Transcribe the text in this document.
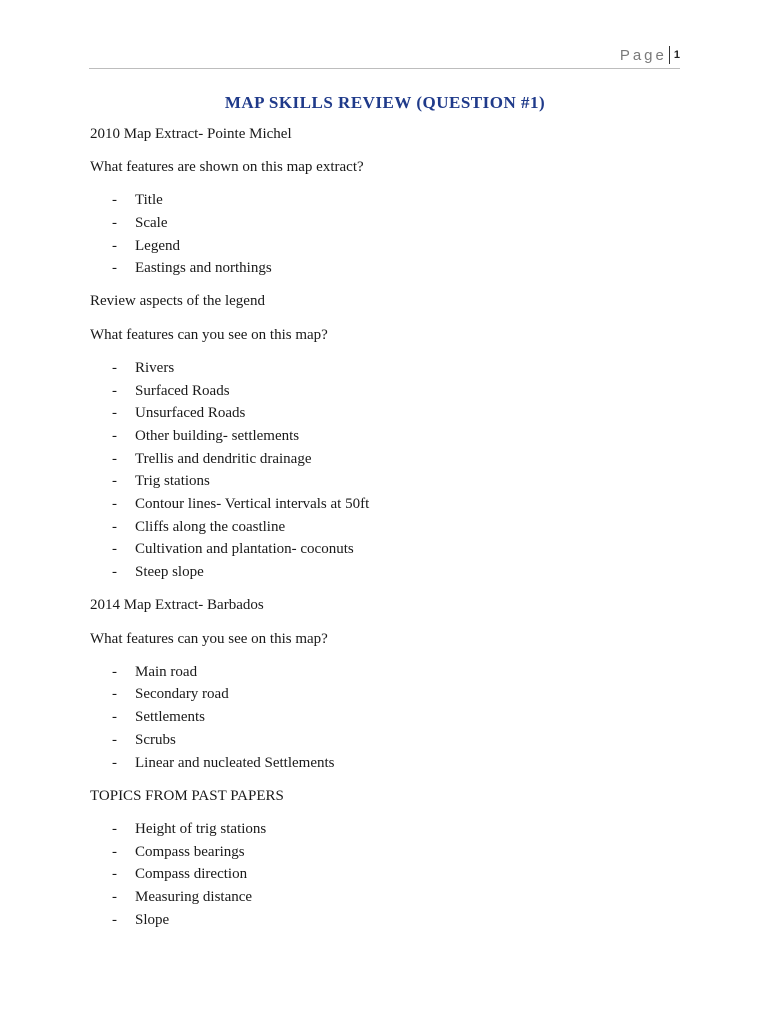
Page 1
MAP SKILLS REVIEW (QUESTION #1)
2010 Map Extract- Pointe Michel
What features are shown on this map extract?
- Title
- Scale
- Legend
- Eastings and northings
Review aspects of the legend
What features can you see on this map?
- Rivers
- Surfaced Roads
- Unsurfaced Roads
- Other building- settlements
- Trellis and dendritic drainage
- Trig stations
- Contour lines- Vertical intervals at 50ft
- Cliffs along the coastline
- Cultivation and plantation- coconuts
- Steep slope
2014 Map Extract- Barbados
What features can you see on this map?
- Main road
- Secondary road
- Settlements
- Scrubs
- Linear and nucleated Settlements
TOPICS FROM PAST PAPERS
- Height of trig stations
- Compass bearings
- Compass direction
- Measuring distance
- Slope
